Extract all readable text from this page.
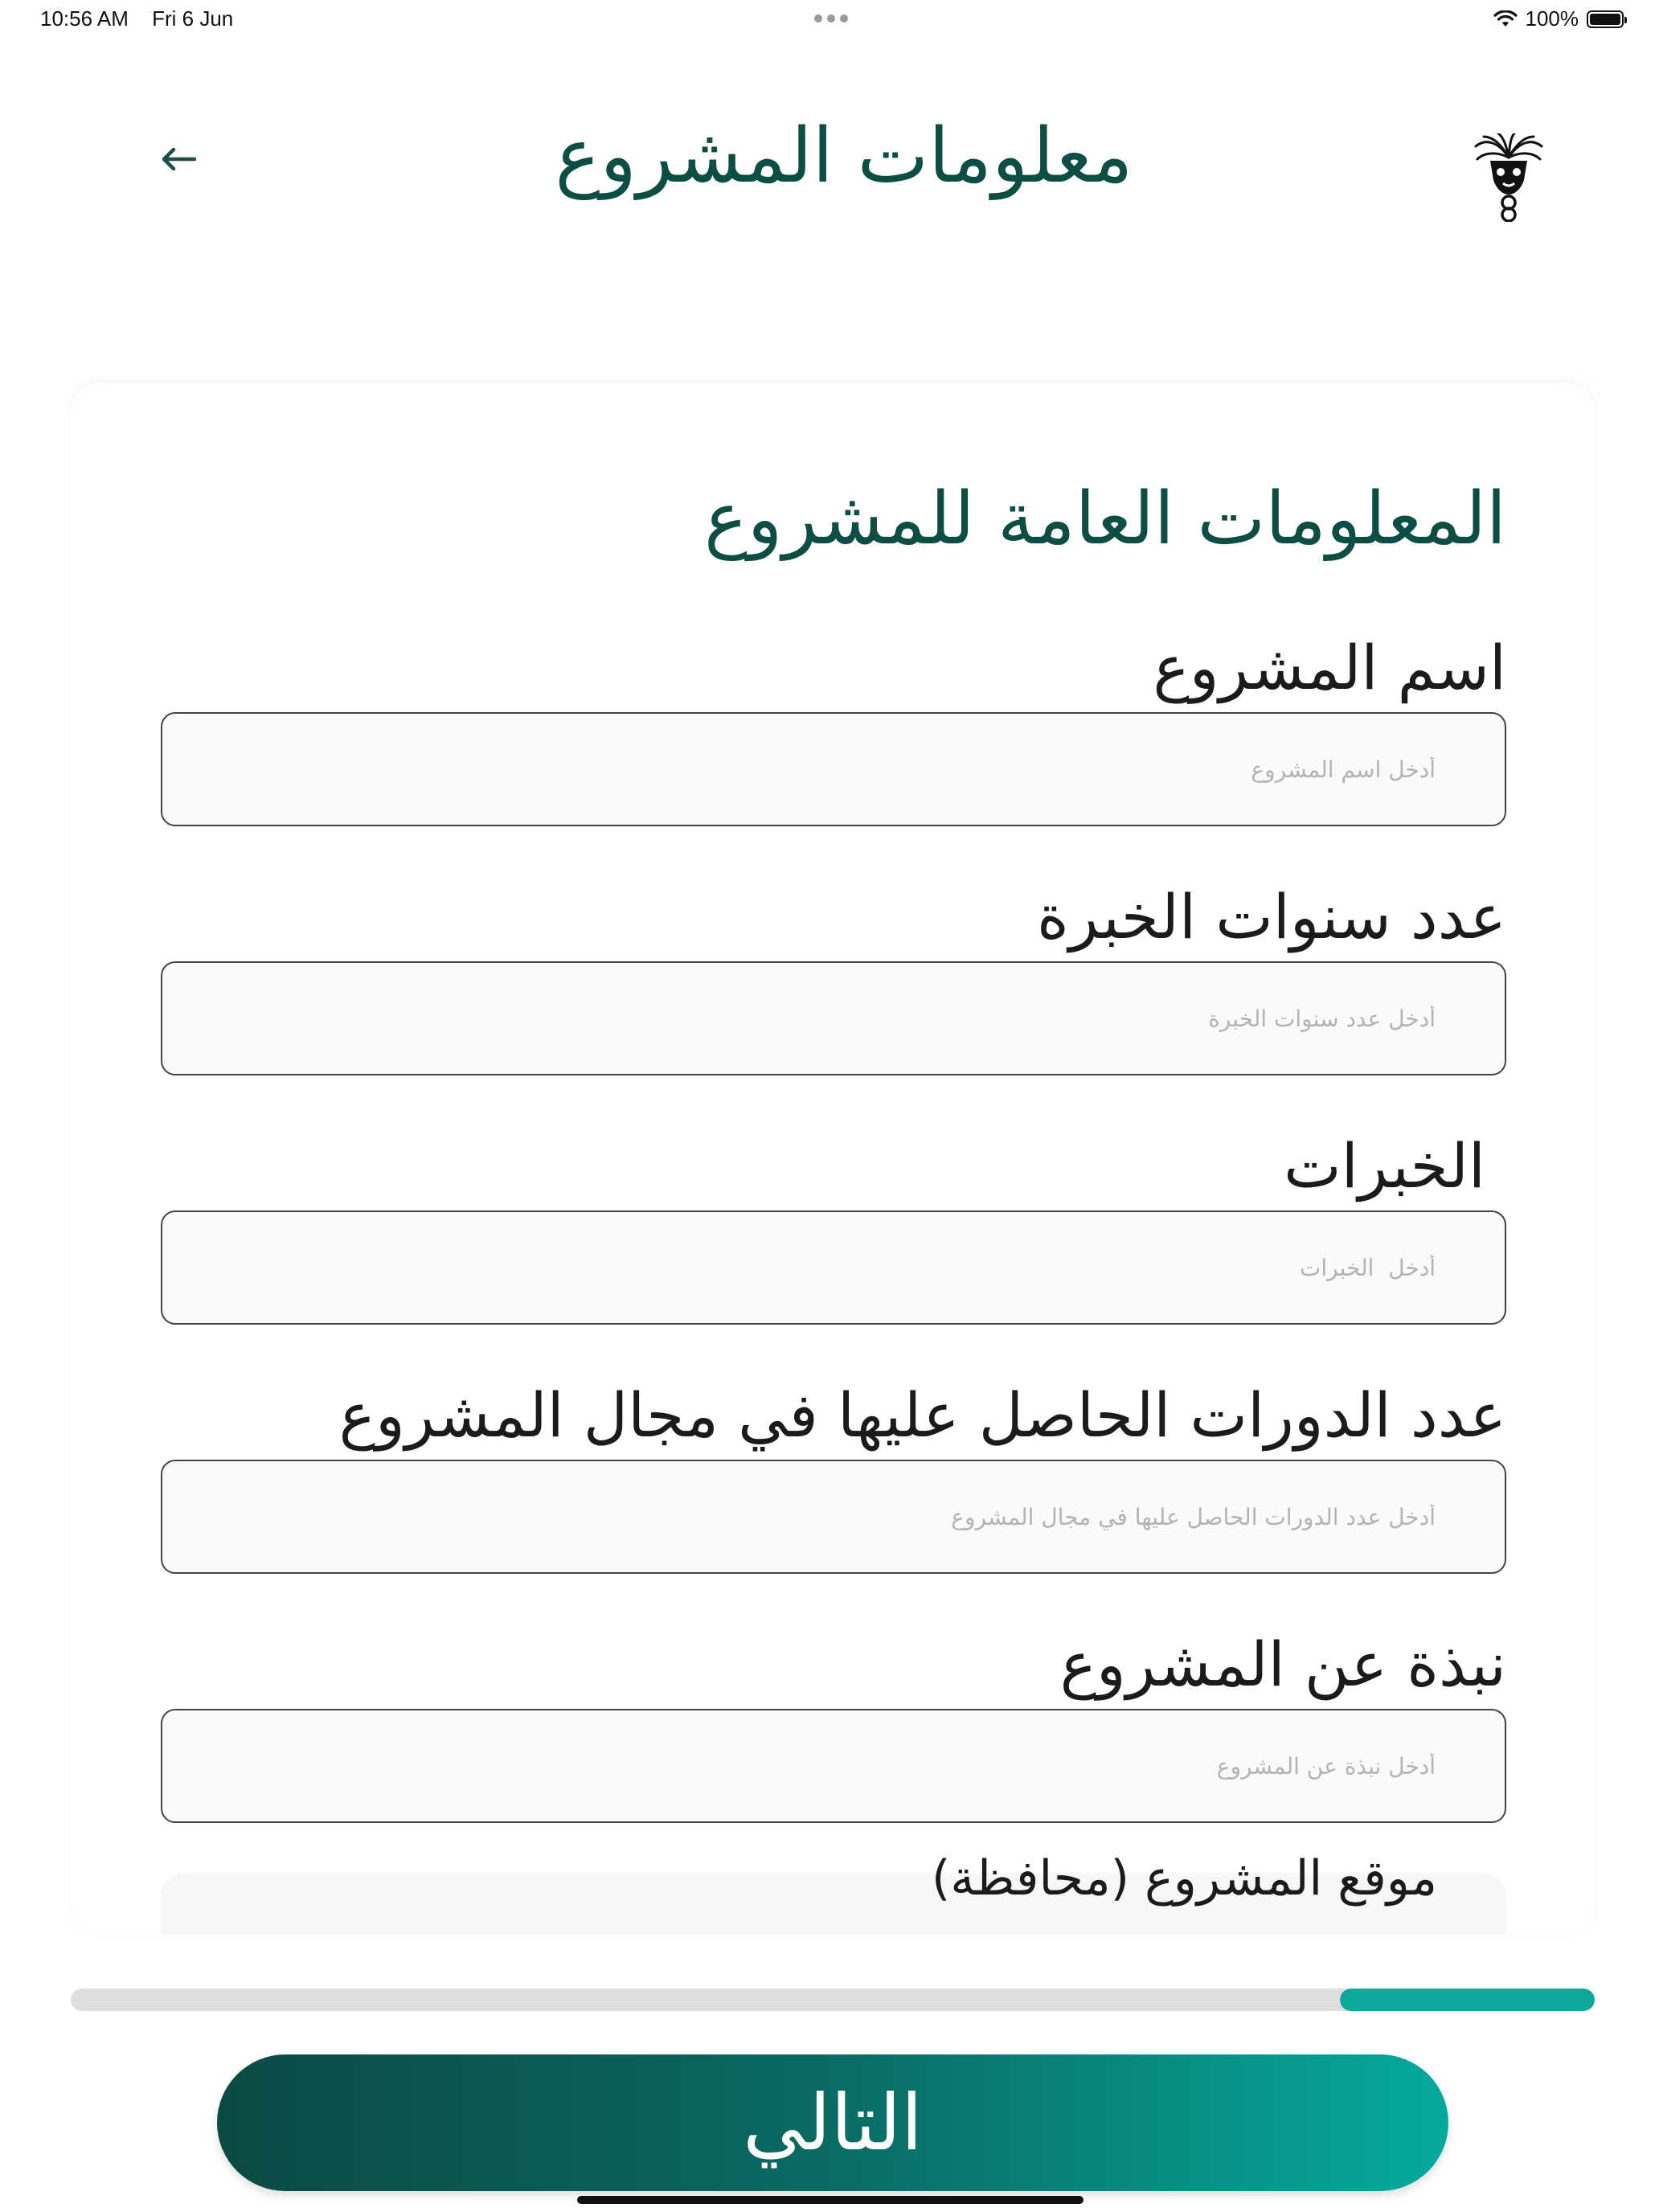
10:56 AM Fri 6 Jun	100%
معلومات المشروع
المعلومات العامة للمشروع
اسم المشروع
أدخل اسم المشروع
عدد سنوات الخبرة
أدخل عدد سنوات الخبرة
الخبرات
أدخل الخبرات
عدد الدورات الحاصل عليها في مجال المشروع
أدخل عدد الدورات الحاصل عليها في مجال المشروع
نبذة عن المشروع
أدخل نبذة عن المشروع
موقع المشروع (محافظة)
التالي
